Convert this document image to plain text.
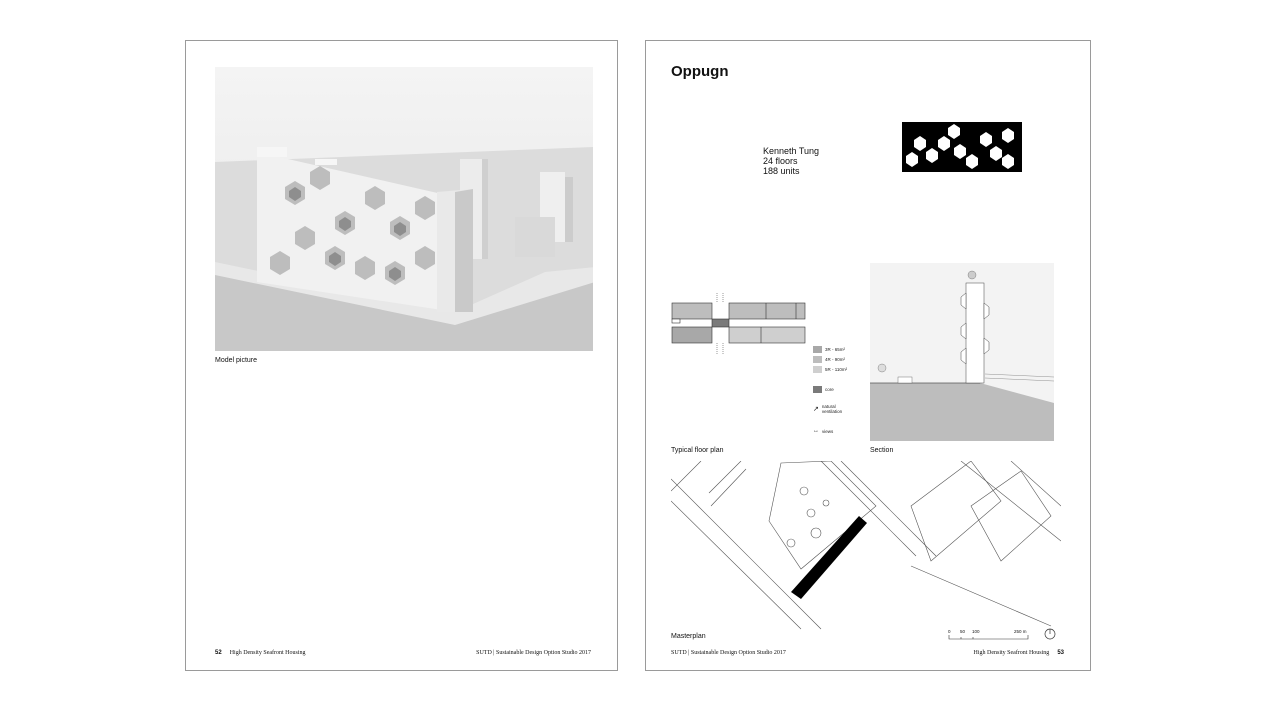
Model picture
52 High Density Seafront Housing	SUTD | Sustainable Design Option Studio 2017
Oppugn
Kenneth Tung
24 floors
188 units
3R - 65m²
4R - 90m²
5R - 110m²
core
↗ natural ventilation
↔ views
Typical floor plan	Section
Masterplan
0 50 100	250 m
SUTD | Sustainable Design Option Studio 2017	High Density Seafront Housing 53
